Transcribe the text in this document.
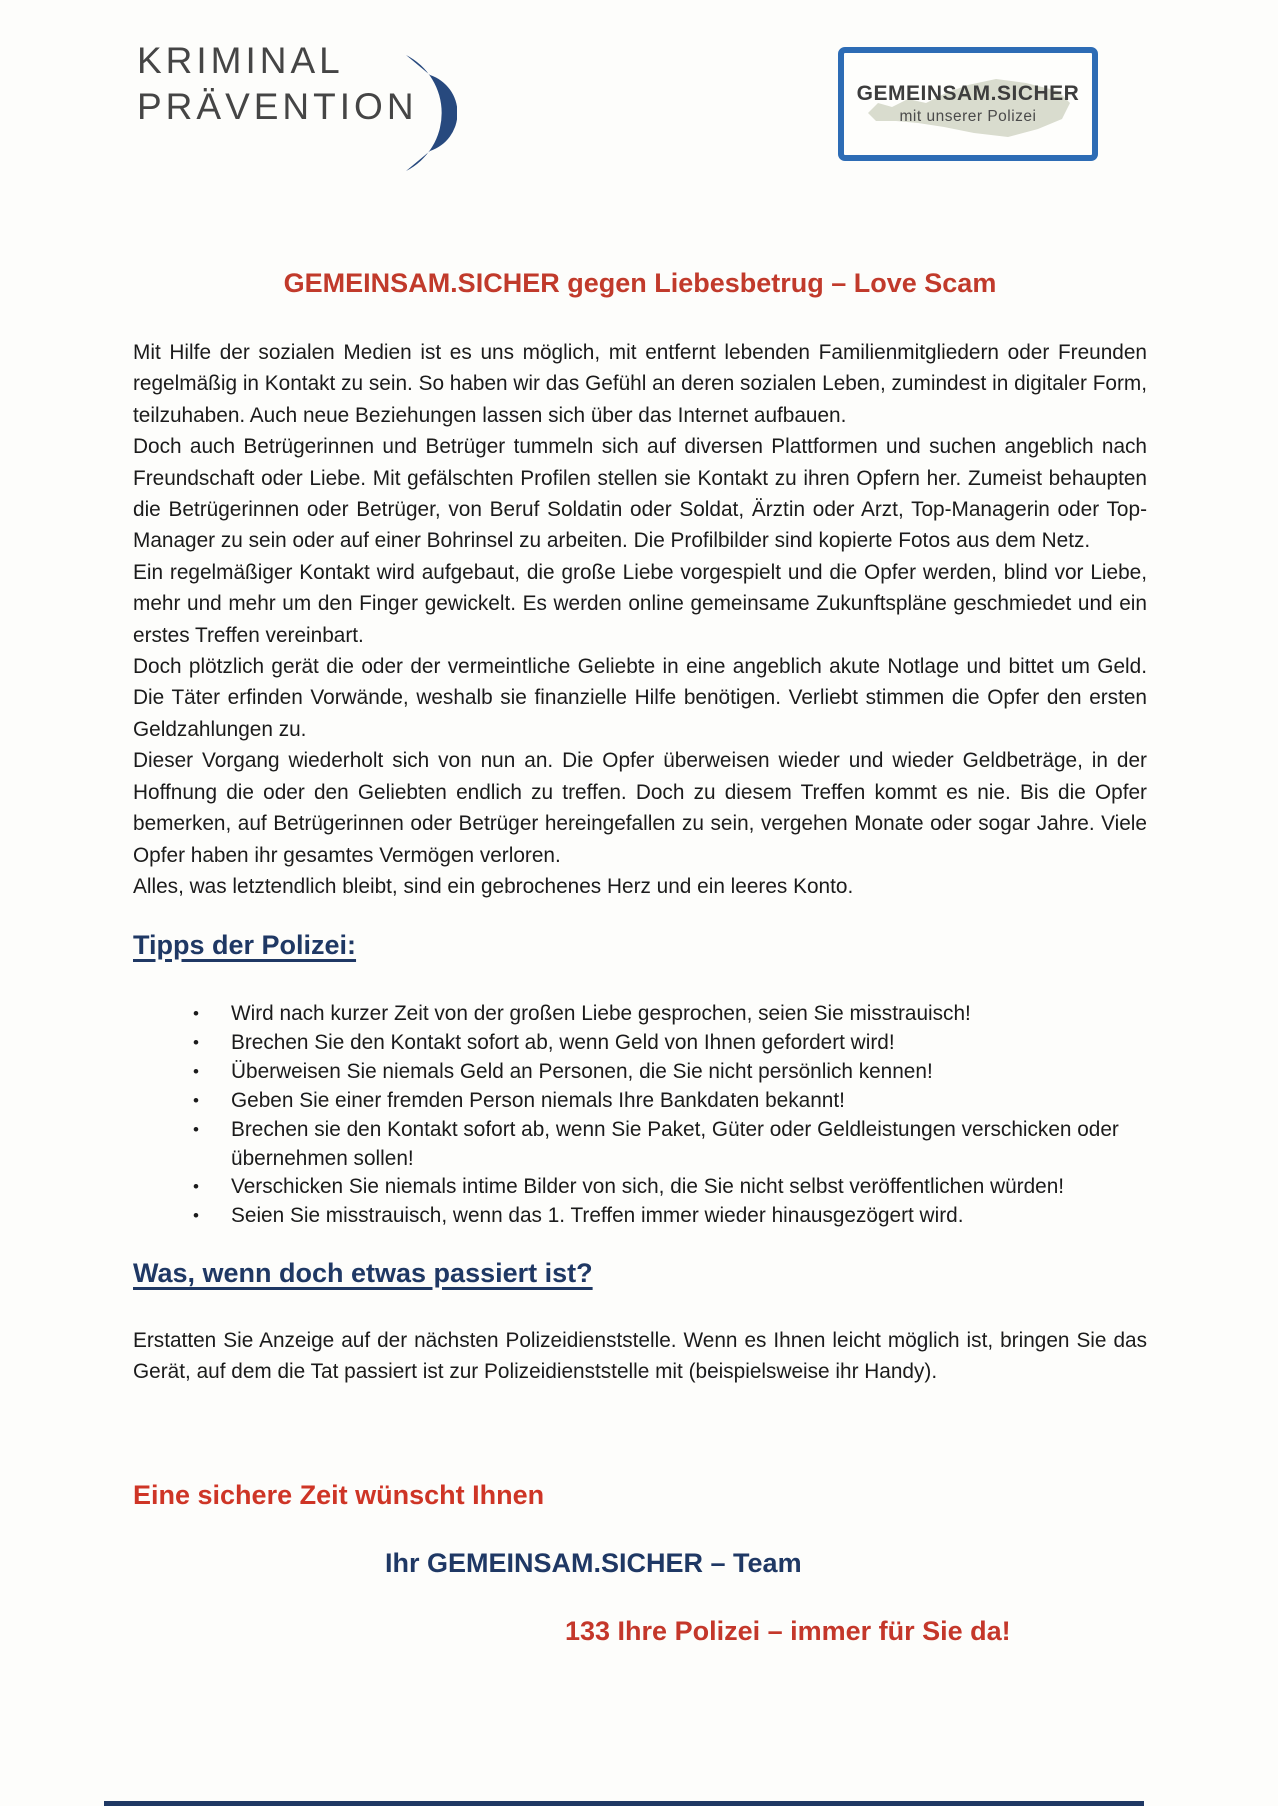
KRIMINAL
PRÄVENTION	GEMEINSAM.SICHER
mit unserer Polizei
GEMEINSAM.SICHER gegen Liebesbetrug – Love Scam

Mit Hilfe der sozialen Medien ist es uns möglich, mit entfernt lebenden Familienmitgliedern oder Freunden regelmäßig in Kontakt zu sein. So haben wir das Gefühl an deren sozialen Leben, zumindest in digitaler Form, teilzuhaben. Auch neue Beziehungen lassen sich über das Internet aufbauen.

Doch auch Betrügerinnen und Betrüger tummeln sich auf diversen Plattformen und suchen angeblich nach Freundschaft oder Liebe. Mit gefälschten Profilen stellen sie Kontakt zu ihren Opfern her. Zumeist behaupten die Betrügerinnen oder Betrüger, von Beruf Soldatin oder Soldat, Ärztin oder Arzt, Top-Managerin oder Top-Manager zu sein oder auf einer Bohrinsel zu arbeiten. Die Profilbilder sind kopierte Fotos aus dem Netz.

Ein regelmäßiger Kontakt wird aufgebaut, die große Liebe vorgespielt und die Opfer werden, blind vor Liebe, mehr und mehr um den Finger gewickelt. Es werden online gemeinsame Zukunftspläne geschmiedet und ein erstes Treffen vereinbart.

Doch plötzlich gerät die oder der vermeintliche Geliebte in eine angeblich akute Notlage und bittet um Geld. Die Täter erfinden Vorwände, weshalb sie finanzielle Hilfe benötigen. Verliebt stimmen die Opfer den ersten Geldzahlungen zu.

Dieser Vorgang wiederholt sich von nun an. Die Opfer überweisen wieder und wieder Geldbeträge, in der Hoffnung die oder den Geliebten endlich zu treffen. Doch zu diesem Treffen kommt es nie. Bis die Opfer bemerken, auf Betrügerinnen oder Betrüger hereingefallen zu sein, vergehen Monate oder sogar Jahre. Viele Opfer haben ihr gesamtes Vermögen verloren.

Alles, was letztendlich bleibt, sind ein gebrochenes Herz und ein leeres Konto.

Tipps der Polizei:
•	Wird nach kurzer Zeit von der großen Liebe gesprochen, seien Sie misstrauisch!
•	Brechen Sie den Kontakt sofort ab, wenn Geld von Ihnen gefordert wird!
•	Überweisen Sie niemals Geld an Personen, die Sie nicht persönlich kennen!
•	Geben Sie einer fremden Person niemals Ihre Bankdaten bekannt!
•	Brechen sie den Kontakt sofort ab, wenn Sie Paket, Güter oder Geldleistungen verschicken oder übernehmen sollen!
•	Verschicken Sie niemals intime Bilder von sich, die Sie nicht selbst veröffentlichen würden!
•	Seien Sie misstrauisch, wenn das 1. Treffen immer wieder hinausgezögert wird.
Was, wenn doch etwas passiert ist?

Erstatten Sie Anzeige auf der nächsten Polizeidienststelle. Wenn es Ihnen leicht möglich ist, bringen Sie das Gerät, auf dem die Tat passiert ist zur Polizeidienststelle mit (beispielsweise ihr Handy).

Eine sichere Zeit wünscht Ihnen
Ihr GEMEINSAM.SICHER – Team
133 Ihre Polizei – immer für Sie da!
